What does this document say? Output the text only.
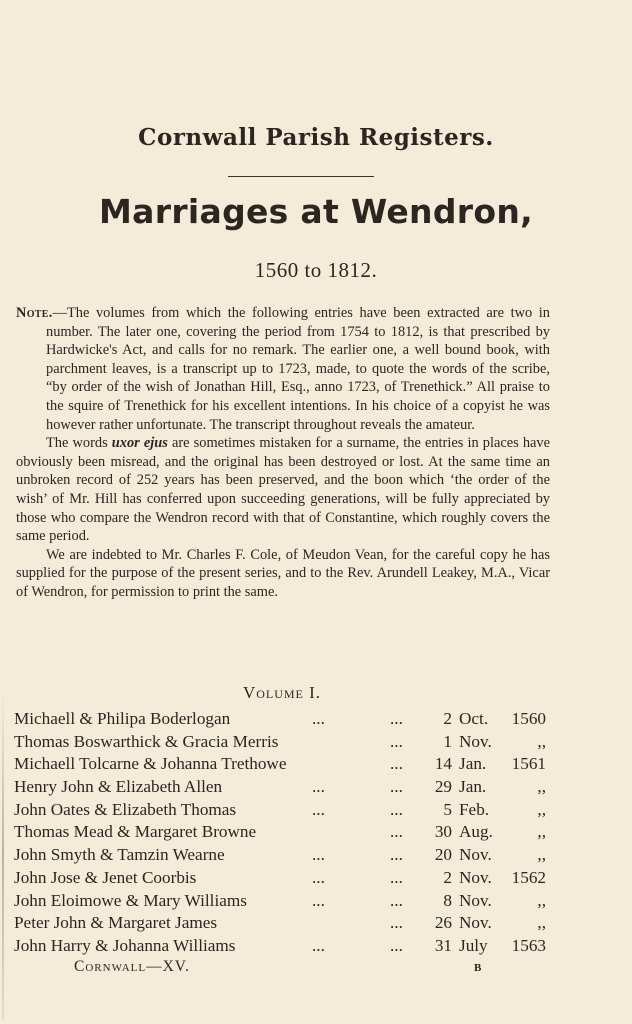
Cornwall Parish Registers.
Marriages at Wendron,
1560 to 1812.

Note.—The volumes from which the following entries have been extracted are two in number. The later one, covering the period from 1754 to 1812, is that prescribed by Hardwicke's Act, and calls for no remark. The earlier one, a well bound book, with parchment leaves, is a transcript up to 1723, made, to quote the words of the scribe, “by order of the wish of Jonathan Hill, Esq., anno 1723, of Trenethick.” All praise to the squire of Trenethick for his excellent intentions. In his choice of a copyist he was however rather unfortunate. The transcript throughout reveals the amateur.

The words uxor ejus are sometimes mistaken for a surname, the entries in places have obviously been misread, and the original has been destroyed or lost. At the same time an unbroken record of 252 years has been preserved, and the boon which ‘the order of the wish’ of Mr. Hill has conferred upon succeeding generations, will be fully appreciated by those who compare the Wendron record with that of Constantine, which roughly covers the same period.

We are indebted to Mr. Charles F. Cole, of Meudon Vean, for the careful copy he has supplied for the purpose of the present series, and to the Rev. Arundell Leakey, M.A., Vicar of Wendron, for permission to print the same.

Volume I.
Michaell & Philipa Boderlogan	...	... 2 Oct. 1560
Thomas Boswarthick & Gracia Merris	... 1 Nov.	,,
Michaell Tolcarne & Johanna Trethowe	... 14 Jan. 1561
Henry John & Elizabeth Allen	...	... 29 Jan.	,,
John Oates & Elizabeth Thomas	...	... 5 Feb.	,,
Thomas Mead & Margaret Browne	... 30 Aug.	,,
John Smyth & Tamzin Wearne	...	... 20 Nov.	,,
John Jose & Jenet Coorbis	...	... 2 Nov. 1562
John Eloimowe & Mary Williams	...	... 8 Nov.	,,
Peter John & Margaret James	... 26 Nov.	,,
John Harry & Johanna Williams	...	... 31 July 1563
Cornwall—XV.	B
